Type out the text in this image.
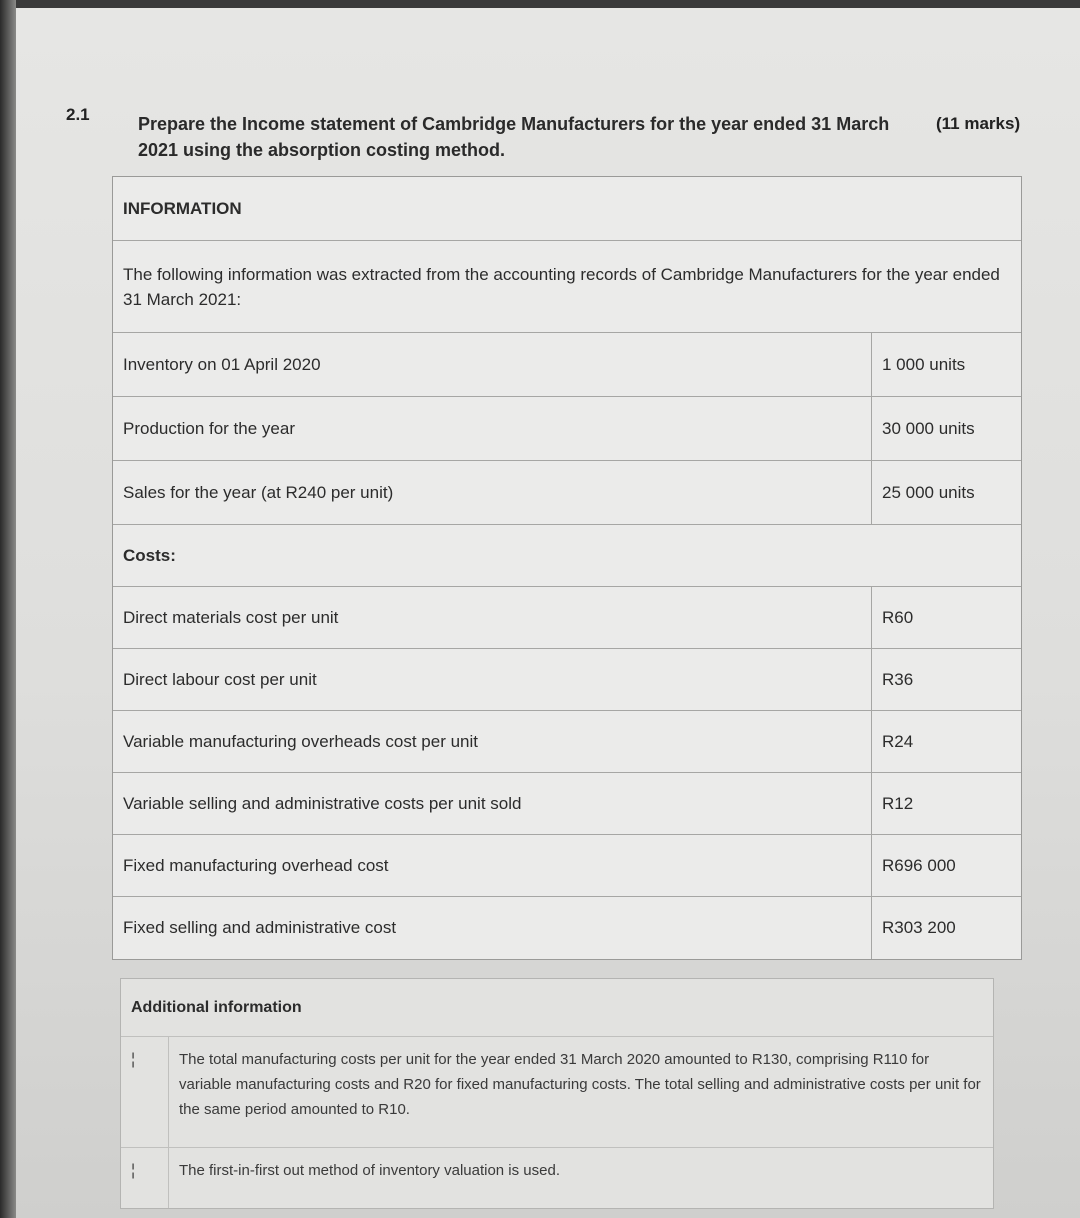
2.1	Prepare the Income statement of Cambridge Manufacturers for the year ended 31 March 2021 using the absorption costing method.
(11 marks)
INFORMATION
The following information was extracted from the accounting records of Cambridge Manufacturers for the year ended 31 March 2021:
Inventory on 01 April 2020	1 000 units
Production for the year	30 000 units
Sales for the year (at R240 per unit)	25 000 units
Costs:
Direct materials cost per unit	R60
Direct labour cost per unit	R36
Variable manufacturing overheads cost per unit	R24
Variable selling and administrative costs per unit sold	R12
Fixed manufacturing overhead cost	R696 000
Fixed selling and administrative cost	R303 200
Additional information
¦	The total manufacturing costs per unit for the year ended 31 March 2020 amounted to R130, comprising R110 for variable manufacturing costs and R20 for fixed manufacturing costs. The total selling and administrative costs per unit for the same period amounted to R10.
¦	The first-in-first out method of inventory valuation is used.
